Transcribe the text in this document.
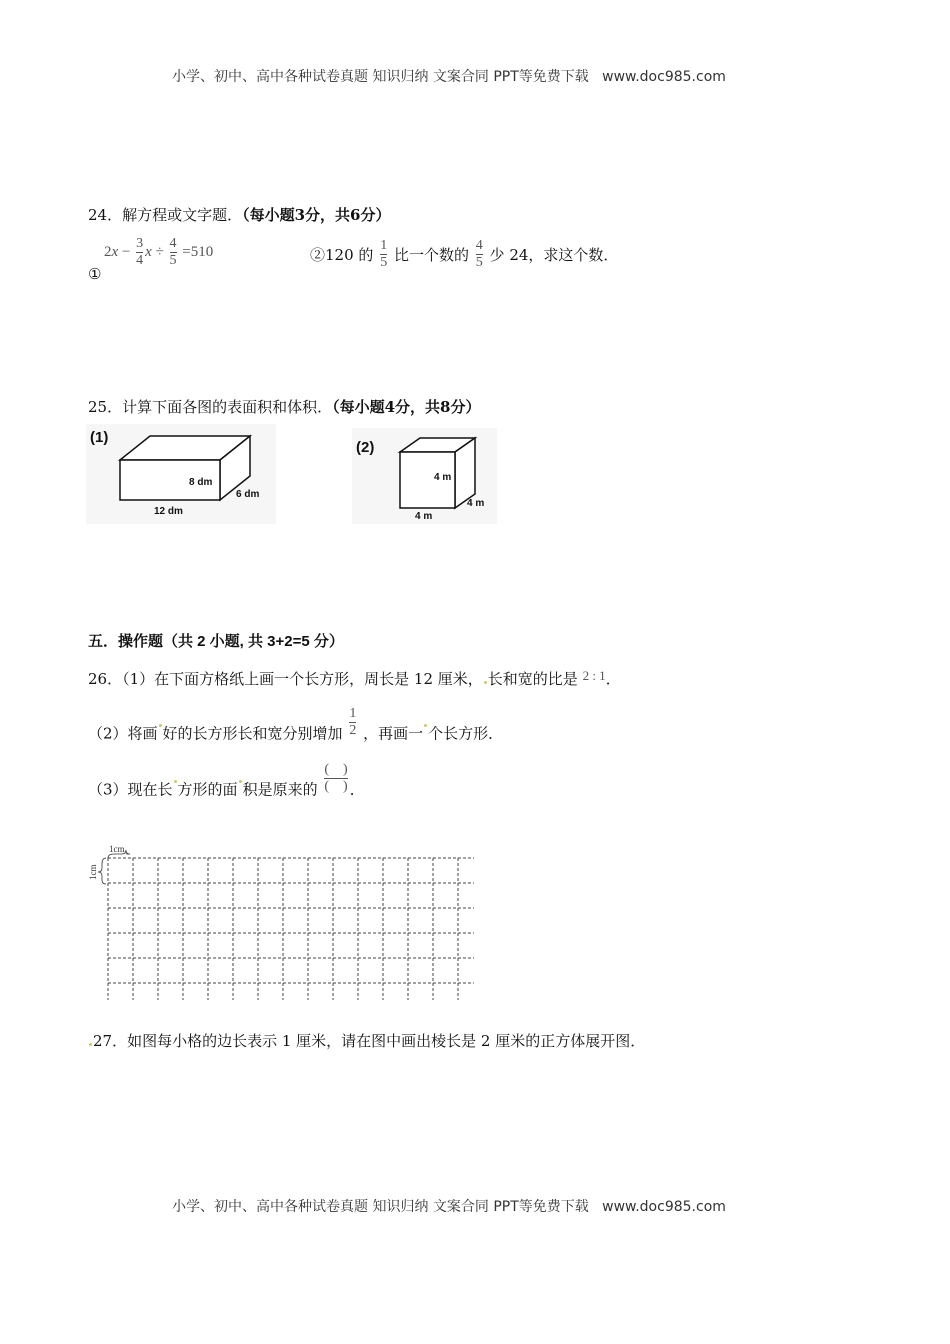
小学、初中、高中各种试卷真题 知识归纳 文案合同 PPT等免费下载 www.doc985.com
24．解方程或文字题．（每小题3分，共6分）
$2x - \frac{3}{4}$ $x \div \frac{4}{5} =510$
①
②120 的 $\frac{1}{5}$ 比一个数的 $\frac{4}{5}$ 少 24，求这个数．
25．计算下面各图的表面积和体积．（每小题4分，共8分）
(1)
8 dm
6 dm
12 dm
(2)
4 m
4 m
4 m
五．操作题（共 2 小题, 共 3+2=5 分）
26．（1）在下面方格纸上画一个长方形，周长是 12 厘米， 长和宽的比是 2 : 1．
（2）将画 好的长方形长和宽分别增加 $\frac{1}{2}$ ，再画一 个长方形．
（3）现在长 方形的面 积是原来的 $\frac{( )}{( )}$ ．
1cm
1cm
27．如图每小格的边长表示 1 厘米，请在图中画出棱长是 2 厘米的正方体展开图．
小学、初中、高中各种试卷真题 知识归纳 文案合同 PPT等免费下载 www.doc985.com
